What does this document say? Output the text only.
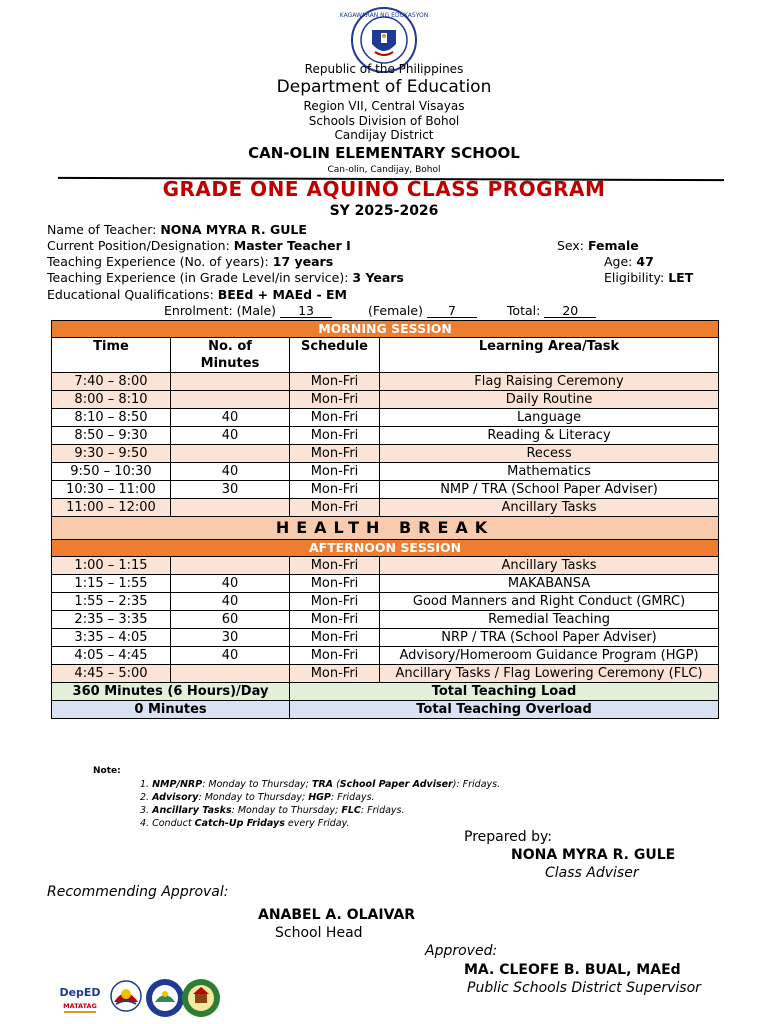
KAGAWARAN NG EDUKASYON
Republic of the Philippines
Department of Education
Region VII, Central Visayas
Schools Division of Bohol
Candijay District
CAN-OLIN ELEMENTARY SCHOOL
Can-olin, Candijay, Bohol
GRADE ONE AQUINO CLASS PROGRAM
SY 2025-2026
Name of Teacher: NONA MYRA R. GULE
Current Position/Designation: Master Teacher I	Sex: Female
Teaching Experience (No. of years): 17 years	Age: 47
Teaching Experience (in Grade Level/in service): 3 Years	Eligibility: LET
Educational Qualifications: BEEd + MAEd - EM
Enrolment: (Male) 13	(Female) 7	Total: 20
MORNING SESSION			
Time	No. of Minutes	Schedule	Learning Area/Task
7:40 – 8:00		Mon-Fri	Flag Raising Ceremony
8:00 – 8:10		Mon-Fri	Daily Routine
8:10 – 8:50	40	Mon-Fri	Language
8:50 – 9:30	40	Mon-Fri	Reading & Literacy
9:30 – 9:50		Mon-Fri	Recess
9:50 – 10:30	40	Mon-Fri	Mathematics
10:30 – 11:00	30	Mon-Fri	NMP / TRA (School Paper Adviser)
11:00 – 12:00		Mon-Fri	Ancillary Tasks
HEALTH BREAK			
AFTERNOON SESSION			
1:00 – 1:15		Mon-Fri	Ancillary Tasks
1:15 – 1:55	40	Mon-Fri	MAKABANSA
1:55 – 2:35	40	Mon-Fri	Good Manners and Right Conduct (GMRC)
2:35 – 3:35	60	Mon-Fri	Remedial Teaching
3:35 – 4:05	30	Mon-Fri	NRP / TRA (School Paper Adviser)
4:05 – 4:45	40	Mon-Fri	Advisory/Homeroom Guidance Program (HGP)
4:45 – 5:00		Mon-Fri	Ancillary Tasks / Flag Lowering Ceremony (FLC)
360 Minutes (6 Hours)/Day		Total Teaching Load	
0 Minutes		Total Teaching Overload	
Note:
1. NMP/NRP: Monday to Thursday; TRA (School Paper Adviser): Fridays.
2. Advisory: Monday to Thursday; HGP: Fridays.
3. Ancillary Tasks: Monday to Thursday; FLC: Fridays.
4. Conduct Catch-Up Fridays every Friday.
Prepared by:
NONA MYRA R. GULE
Class Adviser
Recommending Approval:
ANABEL A. OLAIVAR
School Head
Approved:
MA. CLEOFE B. BUAL, MAEd
Public Schools District Supervisor
DepED
MATATAG
